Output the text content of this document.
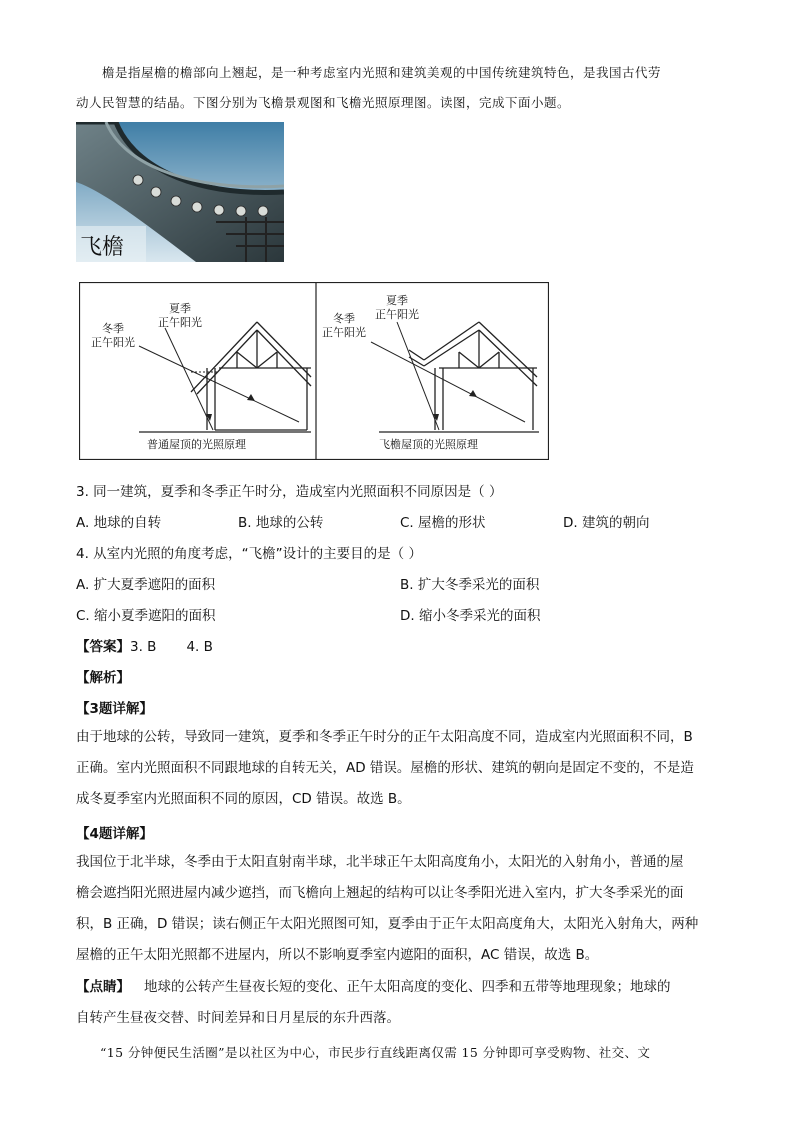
檐是指屋檐的檐部向上翘起，是一种考虑室内光照和建筑美观的中国传统建筑特色，是我国古代劳

动人民智慧的结晶。下图分别为飞檐景观图和飞檐光照原理图。读图，完成下面小题。

飞檐
夏季
正午阳光
冬季
正午阳光
普通屋顶的光照原理
夏季
正午阳光
冬季
正午阳光
飞檐屋顶的光照原理
3. 同一建筑，夏季和冬季正午时分，造成室内光照面积不同原因是（ ）
A. 地球的自转	B. 地球的公转	C. 屋檐的形状	D. 建筑的朝向
4. 从室内光照的角度考虑，“飞檐”设计的主要目的是（ ）
A. 扩大夏季遮阳的面积	B. 扩大冬季采光的面积
C. 缩小夏季遮阳的面积	D. 缩小冬季采光的面积
【答案】3. B       4. B
【解析】
【3题详解】

由于地球的公转，导致同一建筑，夏季和冬季正午时分的正午太阳高度不同，造成室内光照面积不同，B

正确。室内光照面积不同跟地球的自转无关，AD 错误。屋檐的形状、建筑的朝向是固定不变的，不是造

成冬夏季室内光照面积不同的原因，CD 错误。故选 B。

【4题详解】

我国位于北半球，冬季由于太阳直射南半球，北半球正午太阳高度角小，太阳光的入射角小，普通的屋

檐会遮挡阳光照进屋内减少遮挡，而飞檐向上翘起的结构可以让冬季阳光进入室内，扩大冬季采光的面

积，B 正确，D 错误；读右侧正午太阳光照图可知，夏季由于正午太阳高度角大，太阳光入射角大，两种

屋檐的正午太阳光照都不进屋内，所以不影响夏季室内遮阳的面积，AC 错误，故选 B。

【点睛】 地球的公转产生昼夜长短的变化、正午太阳高度的变化、四季和五带等地理现象；地球的

自转产生昼夜交替、时间差异和日月星辰的东升西落。

“15 分钟便民生活圈”是以社区为中心，市民步行直线距离仅需 15 分钟即可享受购物、社交、文
